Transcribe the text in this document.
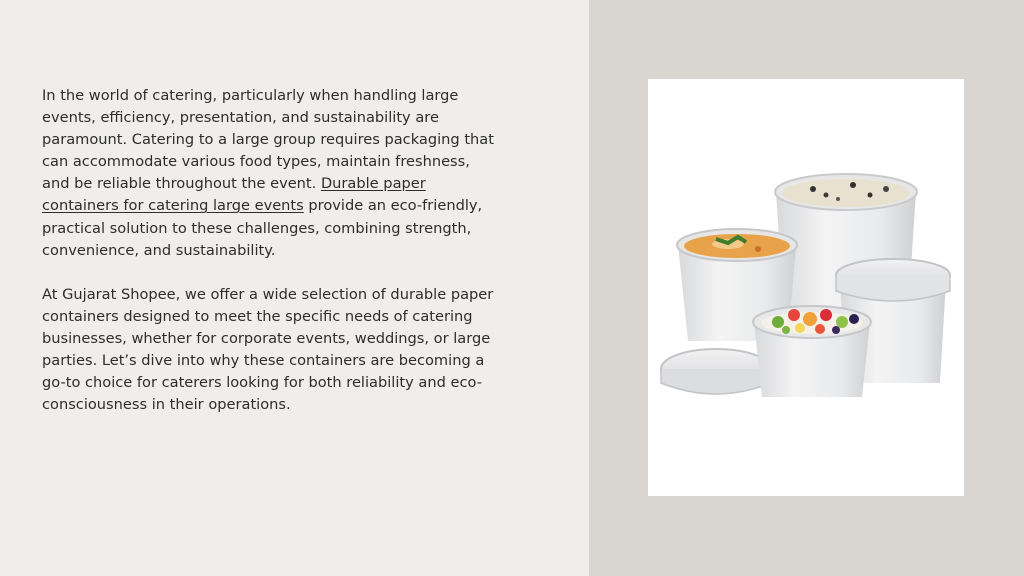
In the world of catering, particularly when handling large events, efficiency, presentation, and sustainability are paramount. Catering to a large group requires packaging that can accommodate various food types, maintain freshness, and be reliable throughout the event. Durable paper containers for catering large events provide an eco-friendly, practical solution to these challenges, combining strength, convenience, and sustainability.

At Gujarat Shopee, we offer a wide selection of durable paper containers designed to meet the specific needs of catering businesses, whether for corporate events, weddings, or large parties. Let’s dive into why these containers are becoming a go-to choice for caterers looking for both reliability and eco-consciousness in their operations.
